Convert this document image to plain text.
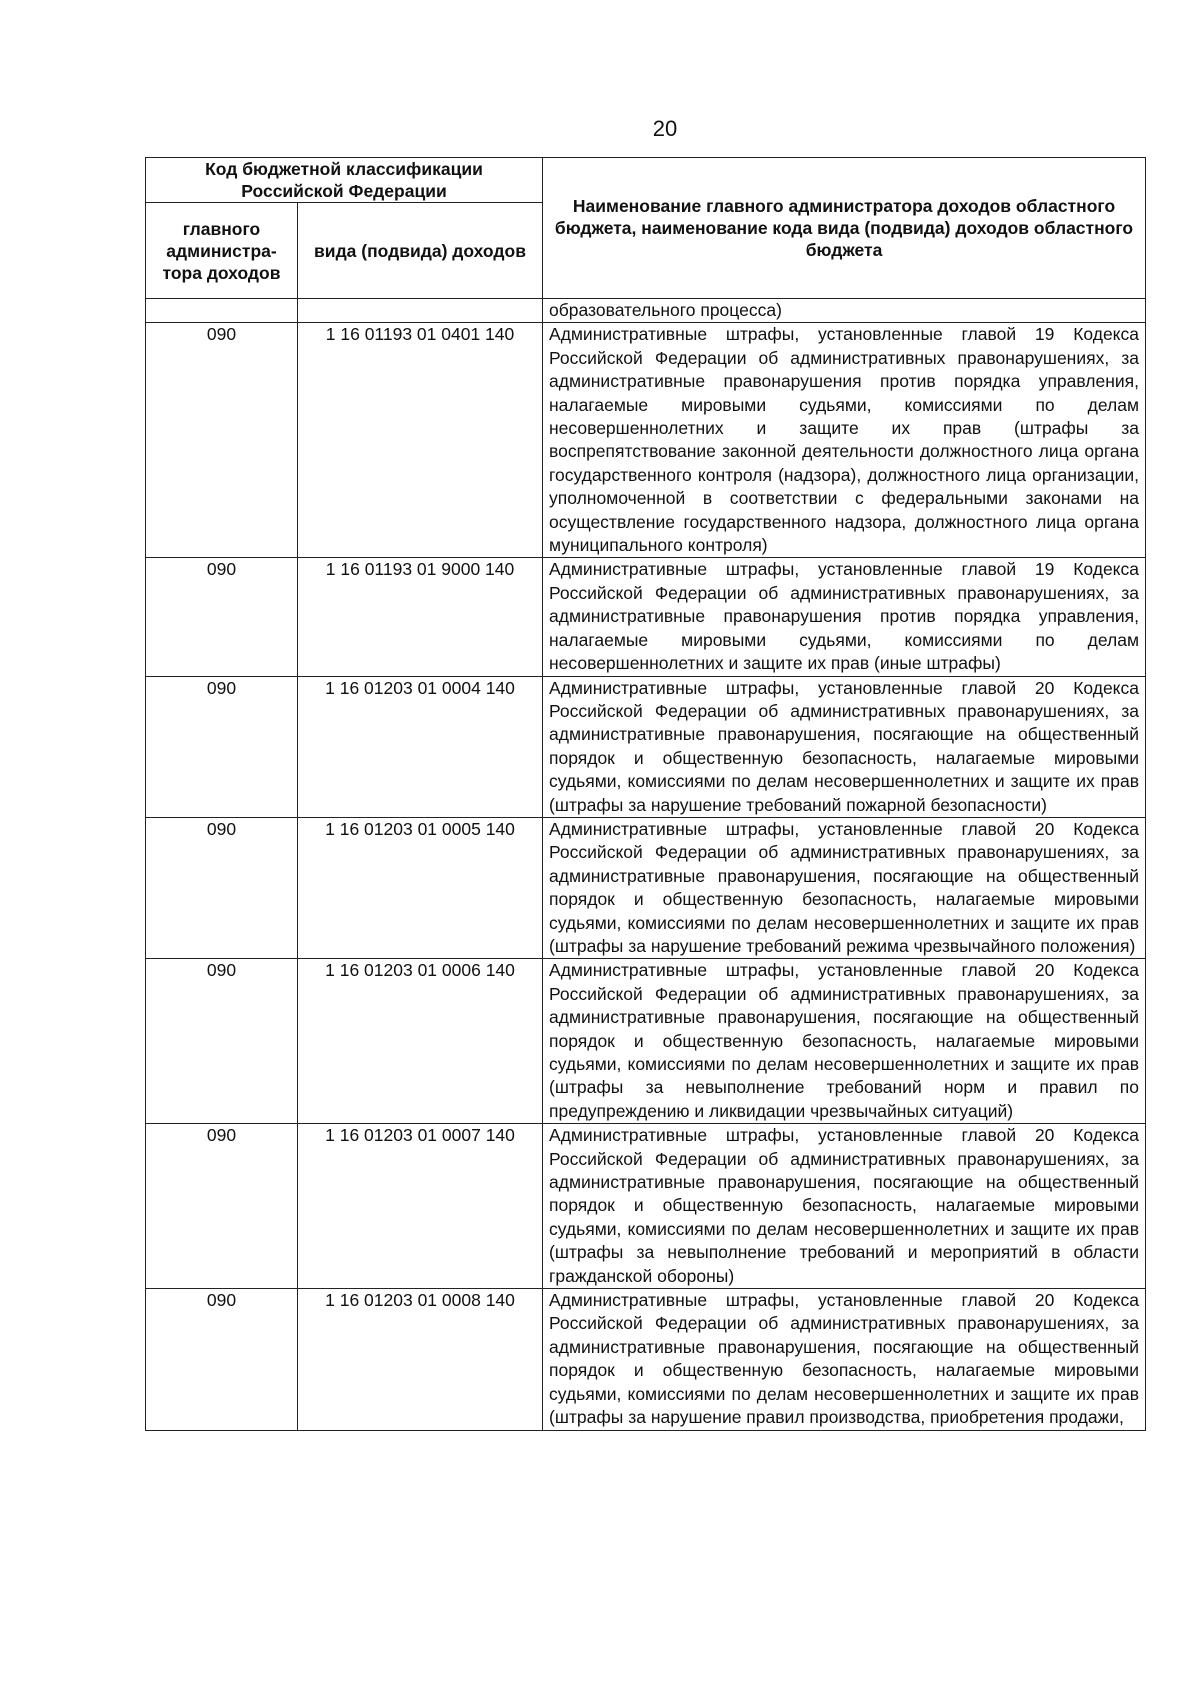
20
Код бюджетной классификации Российской Федерации		Наименование главного администратора доходов областного бюджета, наименование кода вида (подвида) доходов областного бюджета
главного администра-тора доходов	вида (подвида) доходов	
		образовательного процесса)
090	1 16 01193 01 0401 140	Административные штрафы, установленные главой 19 Кодекса Российской Федерации об административных правонарушениях, за административные правонарушения против порядка управления, налагаемые мировыми судьями, комиссиями по делам несовершеннолетних и защите их прав (штрафы за воспрепятствование законной деятельности должностного лица органа государственного контроля (надзора), должностного лица организации, уполномоченной в соответствии с федеральными законами на осуществление государственного надзора, должностного лица органа муниципального контроля)
090	1 16 01193 01 9000 140	Административные штрафы, установленные главой 19 Кодекса Российской Федерации об административных правонарушениях, за административные правонарушения против порядка управления, налагаемые мировыми судьями, комиссиями по делам несовершеннолетних и защите их прав (иные штрафы)
090	1 16 01203 01 0004 140	Административные штрафы, установленные главой 20 Кодекса Российской Федерации об административных правонарушениях, за административные правонарушения, посягающие на общественный порядок и общественную безопасность, налагаемые мировыми судьями, комиссиями по делам несовершеннолетних и защите их прав (штрафы за нарушение требований пожарной безопасности)
090	1 16 01203 01 0005 140	Административные штрафы, установленные главой 20 Кодекса Российской Федерации об административных правонарушениях, за административные правонарушения, посягающие на общественный порядок и общественную безопасность, налагаемые мировыми судьями, комиссиями по делам несовершеннолетних и защите их прав (штрафы за нарушение требований режима чрезвычайного положения)
090	1 16 01203 01 0006 140	Административные штрафы, установленные главой 20 Кодекса Российской Федерации об административных правонарушениях, за административные правонарушения, посягающие на общественный порядок и общественную безопасность, налагаемые мировыми судьями, комиссиями по делам несовершеннолетних и защите их прав (штрафы за невыполнение требований норм и правил по предупреждению и ликвидации чрезвычайных ситуаций)
090	1 16 01203 01 0007 140	Административные штрафы, установленные главой 20 Кодекса Российской Федерации об административных правонарушениях, за административные правонарушения, посягающие на общественный порядок и общественную безопасность, налагаемые мировыми судьями, комиссиями по делам несовершеннолетних и защите их прав (штрафы за невыполнение требований и мероприятий в области гражданской обороны)
090	1 16 01203 01 0008 140	Административные штрафы, установленные главой 20 Кодекса Российской Федерации об административных правонарушениях, за административные правонарушения, посягающие на общественный порядок и общественную безопасность, налагаемые мировыми судьями, комиссиями по делам несовершеннолетних и защите их прав (штрафы за нарушение правил производства, приобретения продажи,
